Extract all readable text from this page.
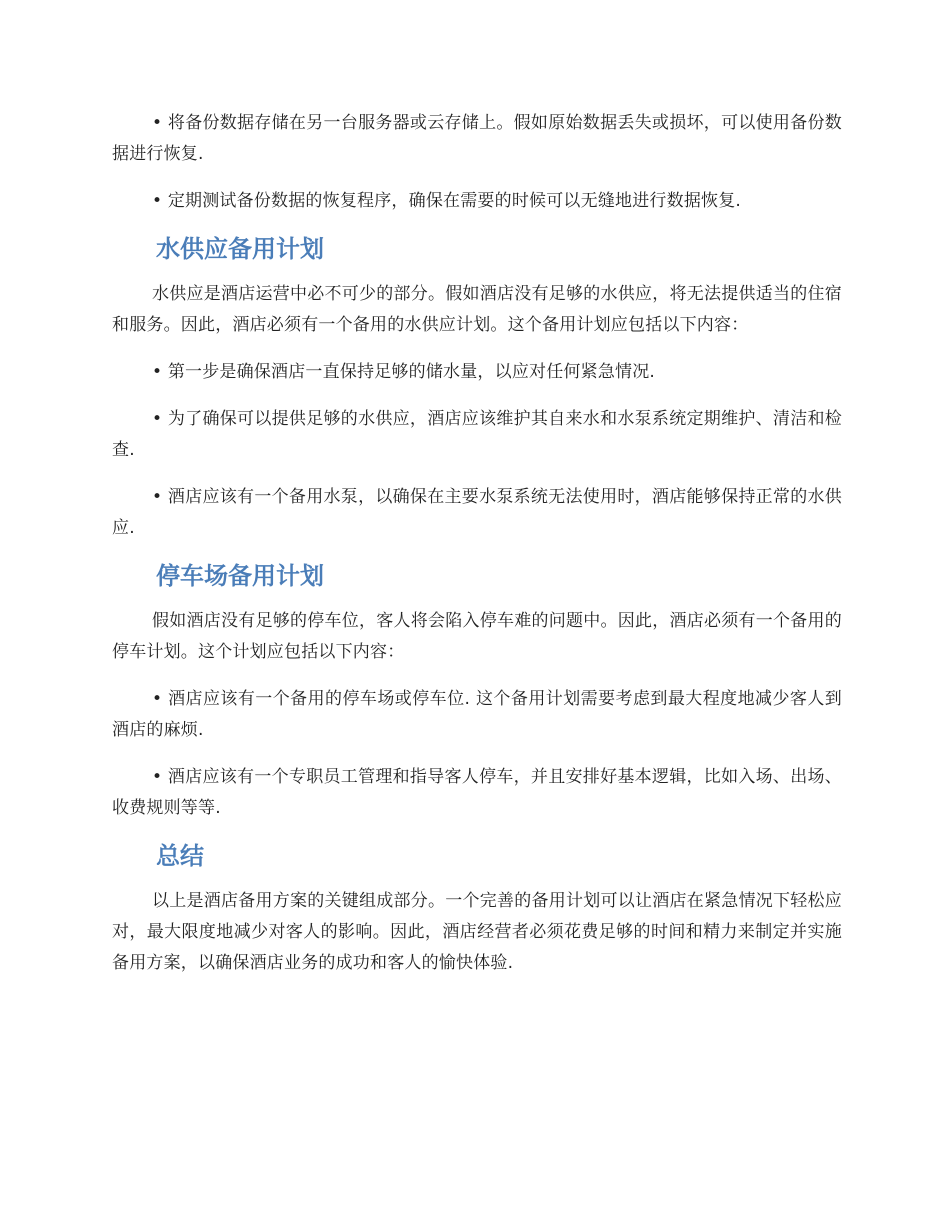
• 将备份数据存储在另一台服务器或云存储上。假如原始数据丢失或损坏，可以使用备份数据进行恢复.

• 定期测试备份数据的恢复程序，确保在需要的时候可以无缝地进行数据恢复.

水供应备用计划

水供应是酒店运营中必不可少的部分。假如酒店没有足够的水供应，将无法提供适当的住宿和服务。因此，酒店必须有一个备用的水供应计划。这个备用计划应包括以下内容：

• 第一步是确保酒店一直保持足够的储水量，以应对任何紧急情况.

• 为了确保可以提供足够的水供应，酒店应该维护其自来水和水泵系统定期维护、清洁和检查.

• 酒店应该有一个备用水泵，以确保在主要水泵系统无法使用时，酒店能够保持正常的水供应.

停车场备用计划

假如酒店没有足够的停车位，客人将会陷入停车难的问题中。因此，酒店必须有一个备用的停车计划。这个计划应包括以下内容：

• 酒店应该有一个备用的停车场或停车位. 这个备用计划需要考虑到最大程度地减少客人到酒店的麻烦.

• 酒店应该有一个专职员工管理和指导客人停车，并且安排好基本逻辑，比如入场、出场、收费规则等等.

总结

以上是酒店备用方案的关键组成部分。一个完善的备用计划可以让酒店在紧急情况下轻松应对，最大限度地减少对客人的影响。因此，酒店经营者必须花费足够的时间和精力来制定并实施备用方案，以确保酒店业务的成功和客人的愉快体验.
